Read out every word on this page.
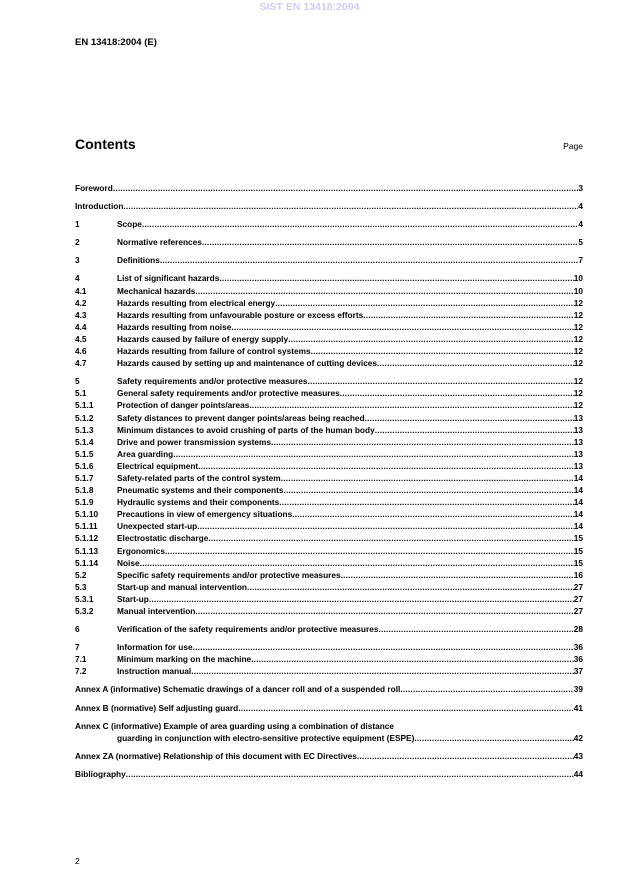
SIST EN 13418:2004
EN 13418:2004 (E)
Contents	Page
Foreword .....	3
Introduction .....	4
1	Scope .....	4
2	Normative references .....	5
3	Definitions .....	7
4	List of significant hazards .....	10
4.1	Mechanical hazards .....	10
4.2	Hazards resulting from electrical energy .....	12
4.3	Hazards resulting from unfavourable posture or excess efforts .....	12
4.4	Hazards resulting from noise .....	12
4.5	Hazards caused by failure of energy supply .....	12
4.6	Hazards resulting from failure of control systems .....	12
4.7	Hazards caused by setting up and maintenance of cutting devices .....	12
5	Safety requirements and/or protective measures .....	12
5.1	General safety requirements and/or protective measures .....	12
5.1.1	Protection of danger points/areas .....	12
5.1.2	Safety distances to prevent danger points/areas being reached .....	13
5.1.3	Minimum distances to avoid crushing of parts of the human body .....	13
5.1.4	Drive and power transmission systems .....	13
5.1.5	Area guarding .....	13
5.1.6	Electrical equipment .....	13
5.1.7	Safety-related parts of the control system .....	14
5.1.8	Pneumatic systems and their components .....	14
5.1.9	Hydraulic systems and their components .....	14
5.1.10	Precautions in view of emergency situations .....	14
5.1.11	Unexpected start-up .....	14
5.1.12	Electrostatic discharge .....	15
5.1.13	Ergonomics .....	15
5.1.14	Noise .....	15
5.2	Specific safety requirements and/or protective measures .....	16
5.3	Start-up and manual intervention .....	27
5.3.1	Start-up .....	27
5.3.2	Manual intervention .....	27
6	Verification of the safety requirements and/or protective measures .....	28
7	Information for use .....	36
7.1	Minimum marking on the machine .....	36
7.2	Instruction manual .....	37
Annex A (informative) Schematic drawings of a dancer roll and of a suspended roll .....	39
Annex B (normative) Self adjusting guard .....	41
Annex C (informative) Example of area guarding using a combination of distance
guarding in conjunction with electro-sensitive protective equipment (ESPE) .....	42
Annex ZA (normative) Relationship of this document with EC Directives .....	43
Bibliography .....	44
2
